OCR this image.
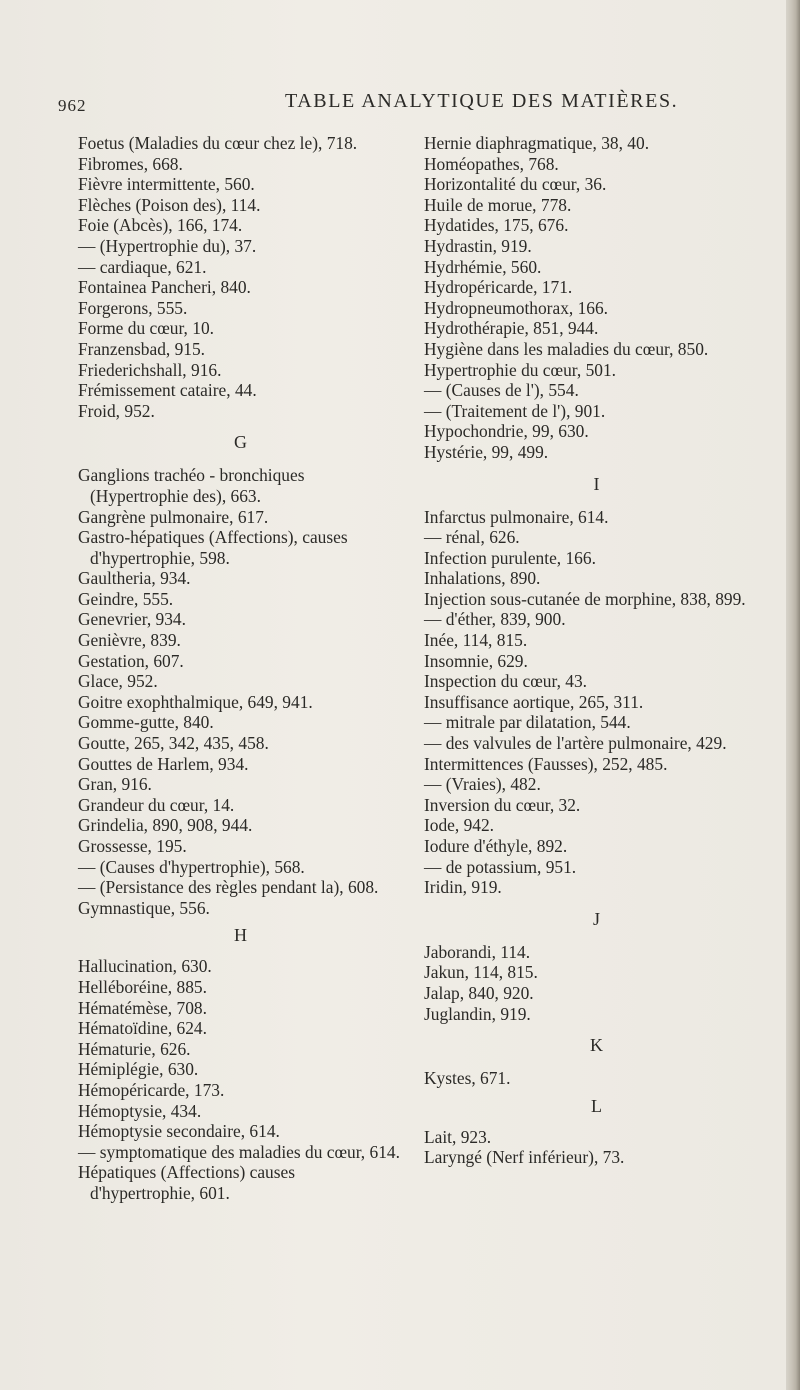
962	TABLE ANALYTIQUE DES MATIÈRES.

Foetus (Maladies du cœur chez le), 718.

Fibromes, 668.

Fièvre intermittente, 560.

Flèches (Poison des), 114.

Foie (Abcès), 166, 174.

— (Hypertrophie du), 37.

— cardiaque, 621.

Fontainea Pancheri, 840.

Forgerons, 555.

Forme du cœur, 10.

Franzensbad, 915.

Friederichshall, 916.

Frémissement cataire, 44.

Froid, 952.

G

Ganglions trachéo - bronchiques (Hypertrophie des), 663.

Gangrène pulmonaire, 617.

Gastro-hépatiques (Affections), causes d'hypertrophie, 598.

Gaultheria, 934.

Geindre, 555.

Genevrier, 934.

Genièvre, 839.

Gestation, 607.

Glace, 952.

Goitre exophthalmique, 649, 941.

Gomme-gutte, 840.

Goutte, 265, 342, 435, 458.

Gouttes de Harlem, 934.

Gran, 916.

Grandeur du cœur, 14.

Grindelia, 890, 908, 944.

Grossesse, 195.

— (Causes d'hypertrophie), 568.

— (Persistance des règles pendant la), 608.

Gymnastique, 556.

H

Hallucination, 630.

Helléboréine, 885.

Hématémèse, 708.

Hématoïdine, 624.

Hématurie, 626.

Hémiplégie, 630.

Hémopéricarde, 173.

Hémoptysie, 434.

Hémoptysie secondaire, 614.

— symptomatique des maladies du cœur, 614.

Hépatiques (Affections) causes d'hypertrophie, 601.

Hernie diaphragmatique, 38, 40.

Homéopathes, 768.

Horizontalité du cœur, 36.

Huile de morue, 778.

Hydatides, 175, 676.

Hydrastin, 919.

Hydrhémie, 560.

Hydropéricarde, 171.

Hydropneumothorax, 166.

Hydrothérapie, 851, 944.

Hygiène dans les maladies du cœur, 850.

Hypertrophie du cœur, 501.

— (Causes de l'), 554.

— (Traitement de l'), 901.

Hypochondrie, 99, 630.

Hystérie, 99, 499.

I

Infarctus pulmonaire, 614.

— rénal, 626.

Infection purulente, 166.

Inhalations, 890.

Injection sous-cutanée de morphine, 838, 899.

— d'éther, 839, 900.

Inée, 114, 815.

Insomnie, 629.

Inspection du cœur, 43.

Insuffisance aortique, 265, 311.

— mitrale par dilatation, 544.

— des valvules de l'artère pulmonaire, 429.

Intermittences (Fausses), 252, 485.

— (Vraies), 482.

Inversion du cœur, 32.

Iode, 942.

Iodure d'éthyle, 892.

— de potassium, 951.

Iridin, 919.

J

Jaborandi, 114.

Jakun, 114, 815.

Jalap, 840, 920.

Juglandin, 919.

K

Kystes, 671.

L

Lait, 923.

Laryngé (Nerf inférieur), 73.
